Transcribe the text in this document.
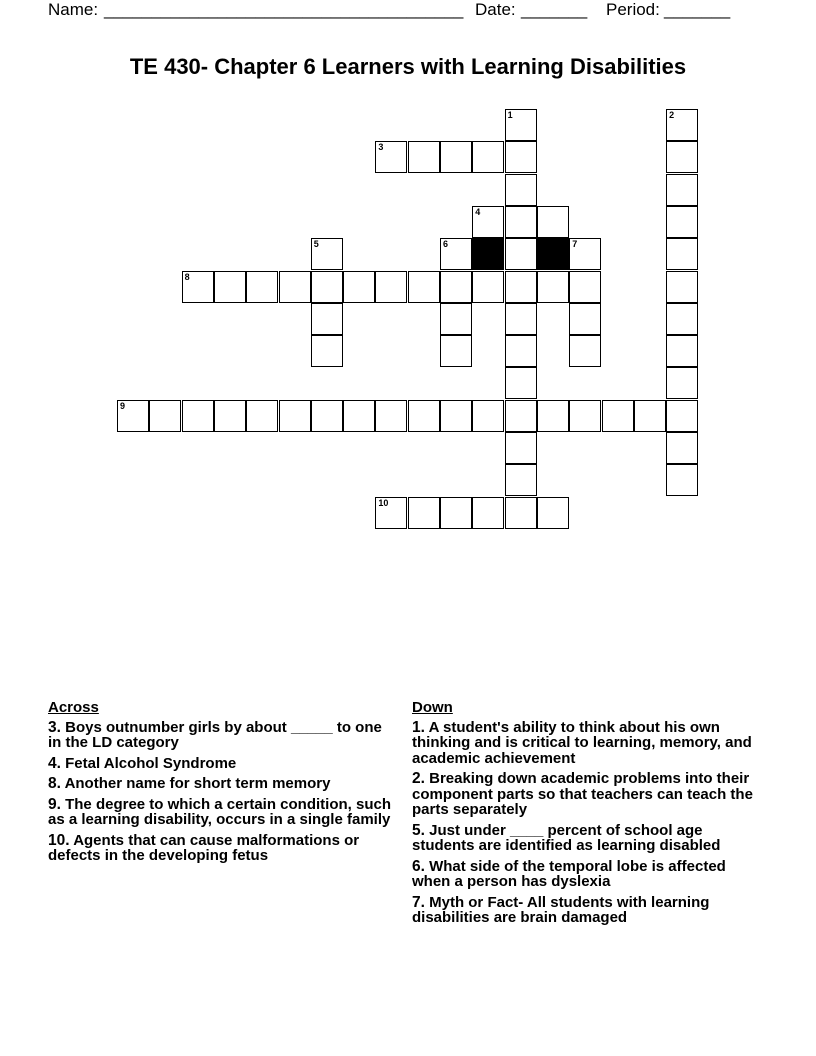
Name: ______________________________________ Date: _______ Period: _______
TE 430- Chapter 6 Learners with Learning Disabilities
1	2
3
4
5	6	7
8
9
10
Across
3. Boys outnumber girls by about _____ to one in the LD category
4. Fetal Alcohol Syndrome
8. Another name for short term memory
9. The degree to which a certain condition, such as a learning disability, occurs in a single family
10. Agents that can cause malformations or defects in the developing fetus
Down
1. A student's ability to think about his own thinking and is critical to learning, memory, and academic achievement
2. Breaking down academic problems into their component parts so that teachers can teach the parts separately
5. Just under ____ percent of school age students are identified as learning disabled
6. What side of the temporal lobe is affected when a person has dyslexia
7. Myth or Fact- All students with learning disabilities are brain damaged
